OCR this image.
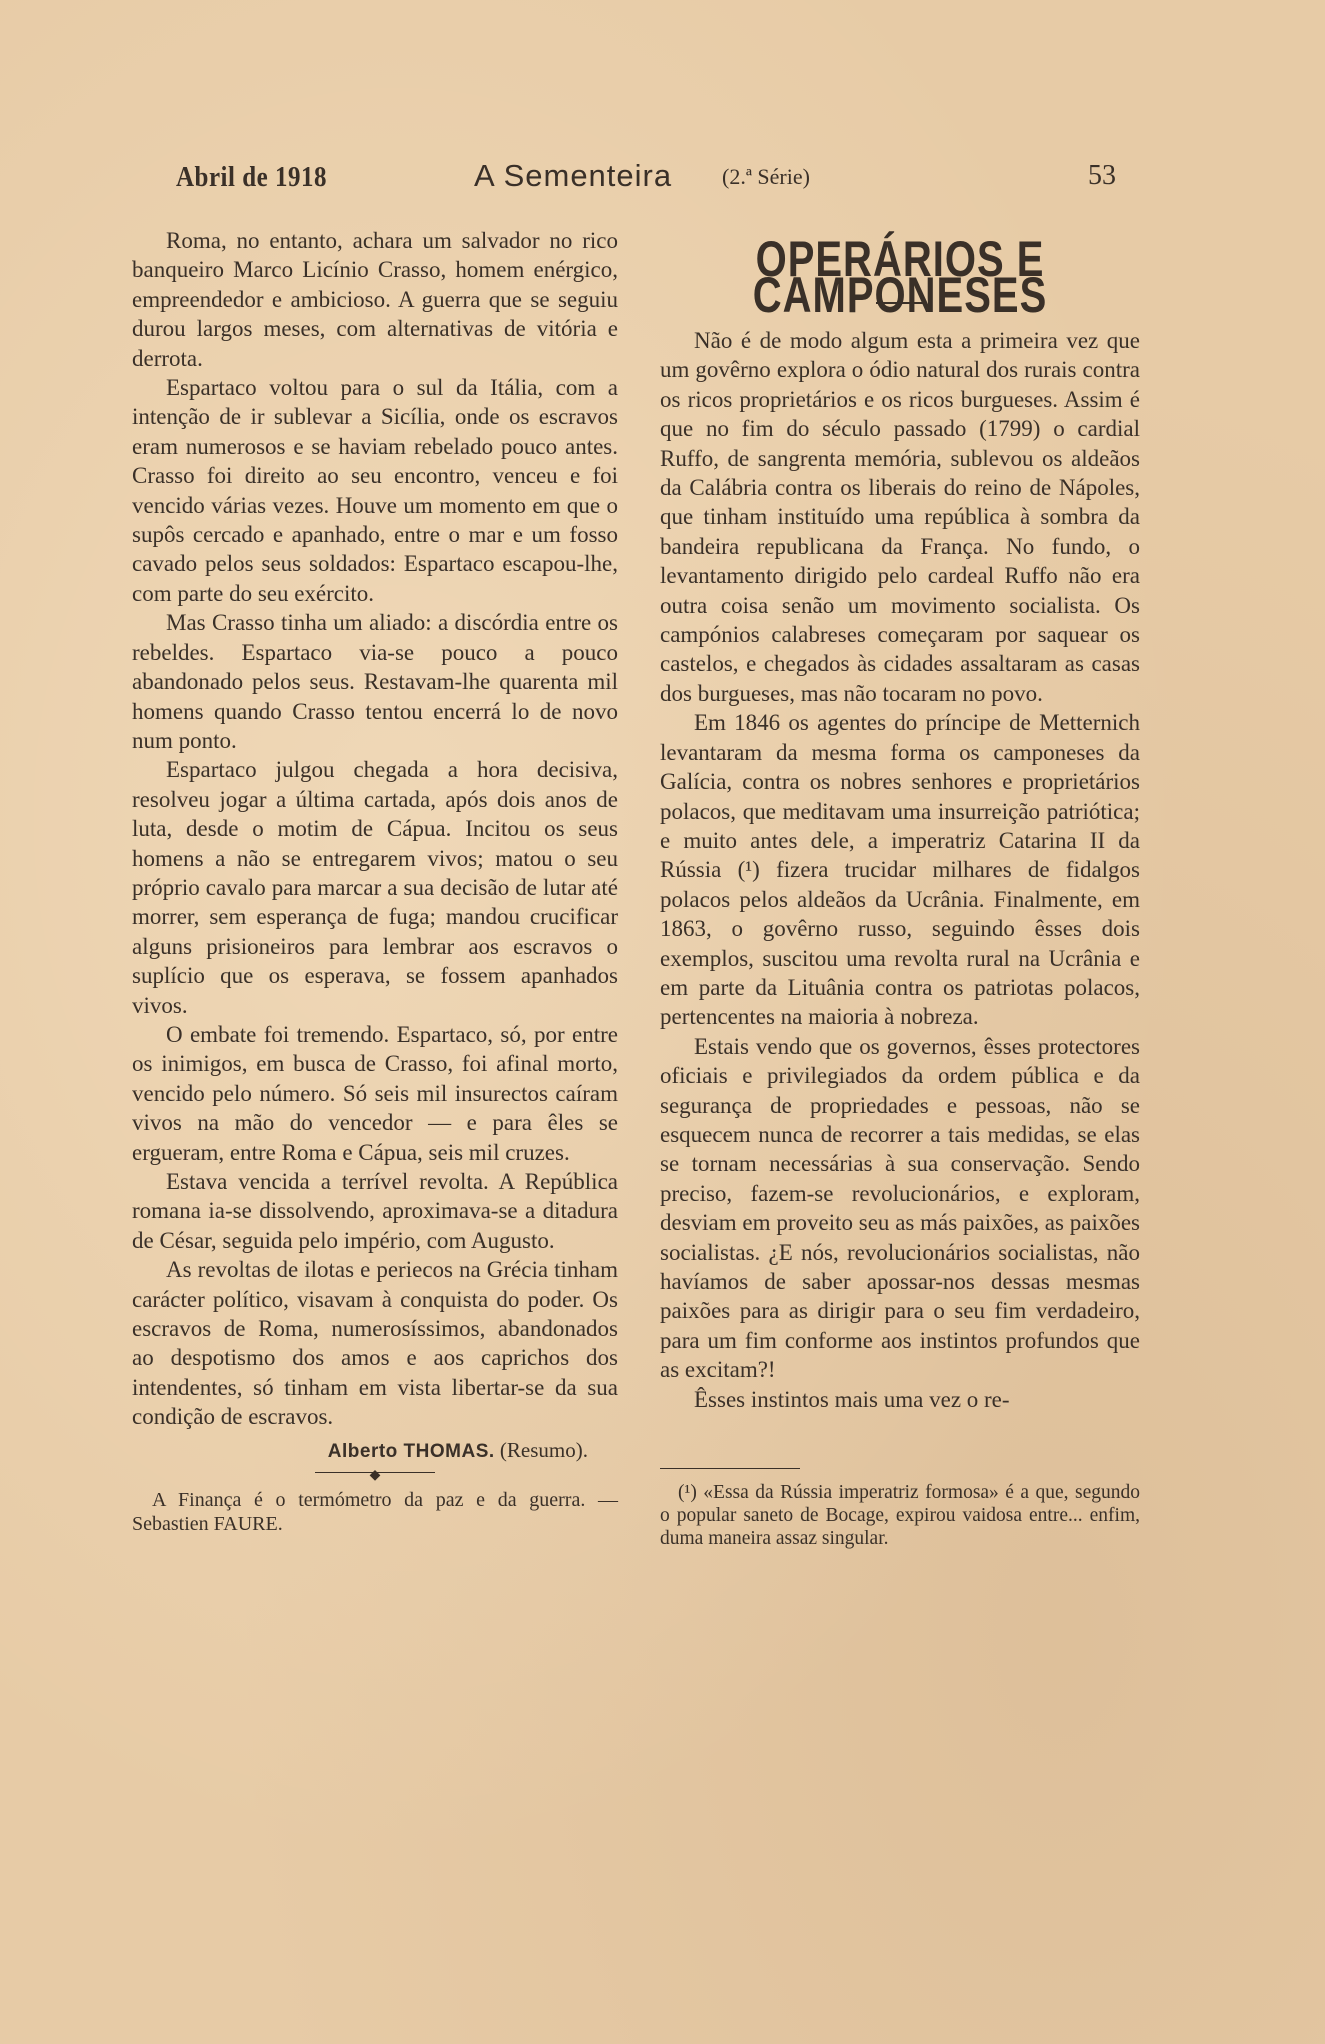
Abril de 1918	A Sementeira (2.ª Série)	53

Roma, no entanto, achara um salvador no rico banqueiro Marco Licínio Crasso, homem enérgico, empreendedor e ambicioso. A guerra que se seguiu durou largos meses, com alternativas de vitória e derrota.

Espartaco voltou para o sul da Itália, com a intenção de ir sublevar a Sicília, onde os escravos eram numerosos e se haviam rebelado pouco antes. Crasso foi direito ao seu encontro, venceu e foi vencido várias vezes. Houve um momento em que o supôs cercado e apanhado, entre o mar e um fosso cavado pelos seus soldados: Espartaco escapou-lhe, com parte do seu exército.

Mas Crasso tinha um aliado: a discórdia entre os rebeldes. Espartaco via-se pouco a pouco abandonado pelos seus. Restavam-lhe quarenta mil homens quando Crasso tentou encerrá lo de novo num ponto.

Espartaco julgou chegada a hora decisiva, resolveu jogar a última cartada, após dois anos de luta, desde o motim de Cápua. Incitou os seus homens a não se entregarem vivos; matou o seu próprio cavalo para marcar a sua decisão de lutar até morrer, sem esperança de fuga; mandou crucificar alguns prisioneiros para lembrar aos escravos o suplício que os esperava, se fossem apanhados vivos.

O embate foi tremendo. Espartaco, só, por entre os inimigos, em busca de Crasso, foi afinal morto, vencido pelo número. Só seis mil insurectos caíram vivos na mão do vencedor — e para êles se ergueram, entre Roma e Cápua, seis mil cruzes.

Estava vencida a terrível revolta. A República romana ia-se dissolvendo, aproximava-se a ditadura de César, seguida pelo império, com Augusto.

As revoltas de ilotas e periecos na Grécia tinham carácter político, visavam à conquista do poder. Os escravos de Roma, numerosíssimos, abandonados ao despotismo dos amos e aos caprichos dos intendentes, só tinham em vista libertar-se da sua condição de escravos.

Alberto THOMAS. (Resumo).

◆

A Finança é o termómetro da paz e da guerra. — Sebastien FAURE.

OPERÁRIOS E CAMPONESES

Não é de modo algum esta a primeira vez que um govêrno explora o ódio natural dos rurais contra os ricos proprietários e os ricos burgueses. Assim é que no fim do século passado (1799) o cardial Ruffo, de sangrenta memória, sublevou os aldeãos da Calábria contra os liberais do reino de Nápoles, que tinham instituído uma república à sombra da bandeira republicana da França. No fundo, o levantamento dirigido pelo cardeal Ruffo não era outra coisa senão um movimento socialista. Os campónios calabreses começaram por saquear os castelos, e chegados às cidades assaltaram as casas dos burgueses, mas não tocaram no povo.

Em 1846 os agentes do príncipe de Metternich levantaram da mesma forma os camponeses da Galícia, contra os nobres senhores e proprietários polacos, que meditavam uma insurreição patriótica; e muito antes dele, a imperatriz Catarina II da Rússia (¹) fizera trucidar milhares de fidalgos polacos pelos aldeãos da Ucrânia. Finalmente, em 1863, o govêrno russo, seguindo êsses dois exemplos, suscitou uma revolta rural na Ucrânia e em parte da Lituânia contra os patriotas polacos, pertencentes na maioria à nobreza.

Estais vendo que os governos, êsses protectores oficiais e privilegiados da ordem pública e da segurança de propriedades e pessoas, não se esquecem nunca de recorrer a tais medidas, se elas se tornam necessárias à sua conservação. Sendo preciso, fazem-se revolucionários, e exploram, desviam em proveito seu as más paixões, as paixões socialistas. ¿E nós, revolucionários socialistas, não havíamos de saber apossar-nos dessas mesmas paixões para as dirigir para o seu fim verdadeiro, para um fim conforme aos instintos profundos que as excitam?!

Êsses instintos mais uma vez o re-

(¹) «Essa da Rússia imperatriz formosa» é a que, segundo o popular saneto de Bocage, expirou vaidosa entre... enfim, duma maneira assaz singular.
